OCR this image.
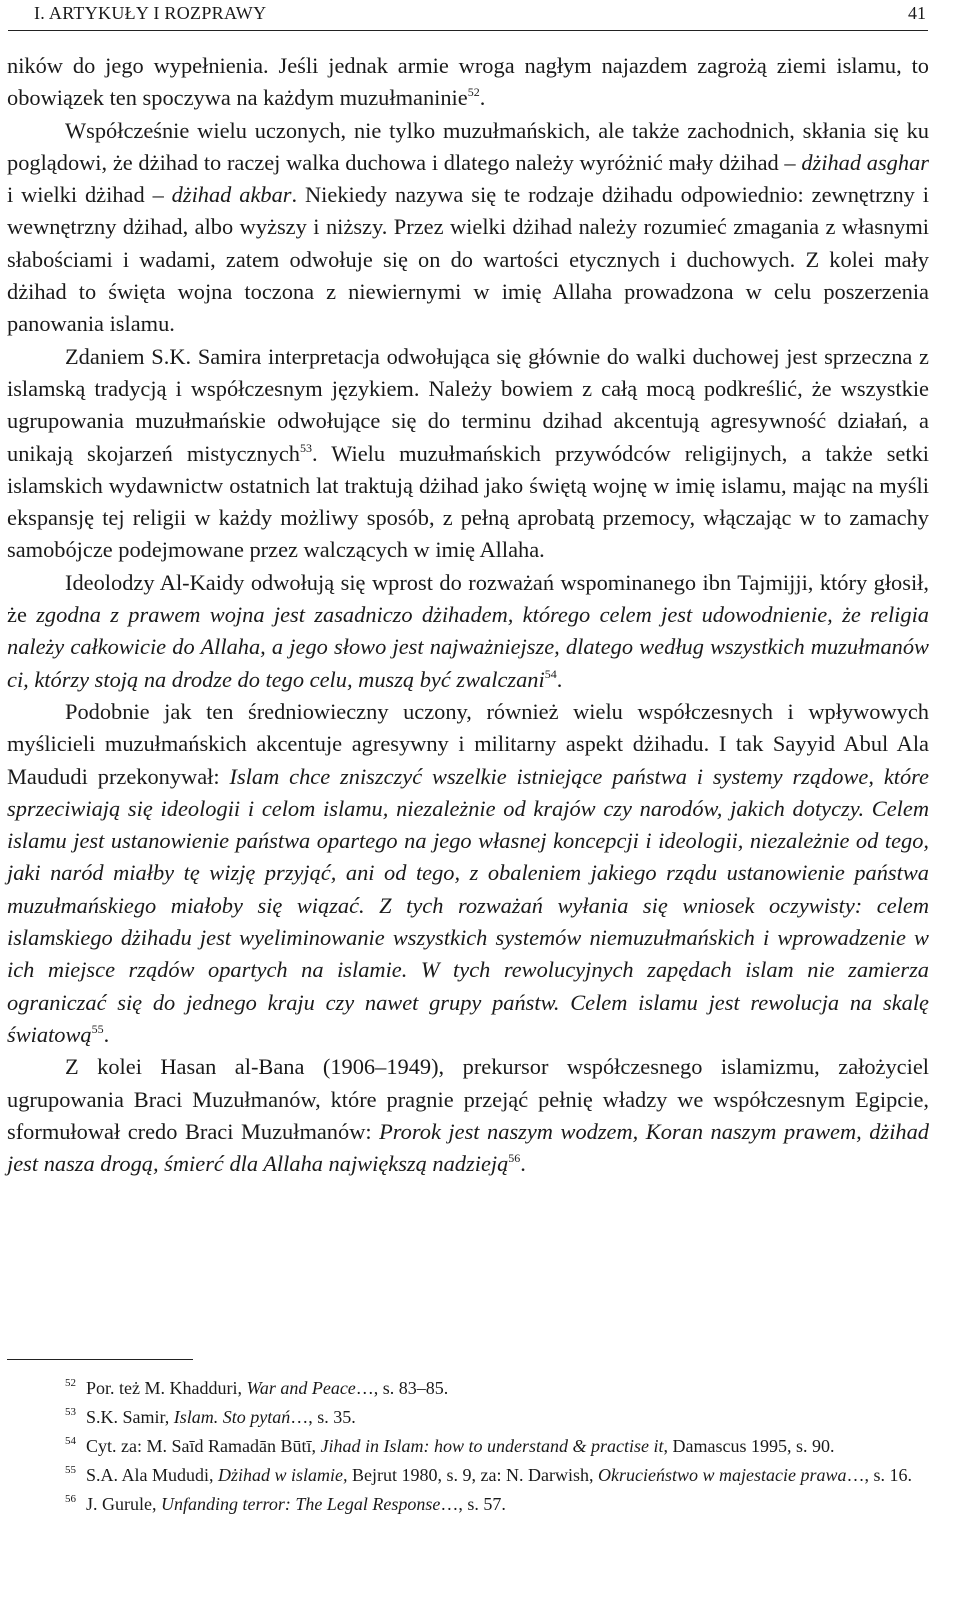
I. ARTYKUŁY I ROZPRAWY	41

ników do jego wypełnienia. Jeśli jednak armie wroga nagłym najazdem zagrożą ziemi islamu, to obowiązek ten spoczywa na każdym muzułmaninie$^{52}$.

Współcześnie wielu uczonych, nie tylko muzułmańskich, ale także zachodnich, skłania się ku poglądowi, że dżihad to raczej walka duchowa i dlatego należy wyróżnić mały dżihad – dżihad asghar i wielki dżihad – dżihad akbar. Niekiedy nazywa się te rodzaje dżihadu odpowiednio: zewnętrzny i wewnętrzny dżihad, albo wyższy i niższy. Przez wielki dżihad należy rozumieć zmagania z własnymi słabościami i wadami, zatem odwołuje się on do wartości etycznych i duchowych. Z kolei mały dżihad to święta wojna toczona z niewiernymi w imię Allaha prowadzona w celu poszerzenia panowania islamu.

Zdaniem S.K. Samira interpretacja odwołująca się głównie do walki duchowej jest sprzeczna z islamską tradycją i współczesnym językiem. Należy bowiem z całą mocą podkreślić, że wszystkie ugrupowania muzułmańskie odwołujące się do terminu dzihad akcentują agresywność działań, a unikają skojarzeń mistycznych$^{53}$. Wielu muzułmańskich przywódców religijnych, a także setki islamskich wydawnictw ostatnich lat traktują dżihad jako świętą wojnę w imię islamu, mając na myśli ekspansję tej religii w każdy możliwy sposób, z pełną aprobatą przemocy, włączając w to zamachy samobójcze podejmowane przez walczących w imię Allaha.

Ideolodzy Al-Kaidy odwołują się wprost do rozważań wspominanego ibn Tajmijji, który głosił, że zgodna z prawem wojna jest zasadniczo dżihadem, którego celem jest udowodnienie, że religia należy całkowicie do Allaha, a jego słowo jest najważniejsze, dlatego według wszystkich muzułmanów ci, którzy stoją na drodze do tego celu, muszą być zwalczani$^{54}$.

Podobnie jak ten średniowieczny uczony, również wielu współczesnych i wpływowych myślicieli muzułmańskich akcentuje agresywny i militarny aspekt dżihadu. I tak Sayyid Abul Ala Maududi przekonywał: Islam chce zniszczyć wszelkie istniejące państwa i systemy rządowe, które sprzeciwiają się ideologii i celom islamu, niezależnie od krajów czy narodów, jakich dotyczy. Celem islamu jest ustanowienie państwa opartego na jego własnej koncepcji i ideologii, niezależnie od tego, jaki naród miałby tę wizję przyjąć, ani od tego, z obaleniem jakiego rządu ustanowienie państwa muzułmańskiego miałoby się wiązać. Z tych rozważań wyłania się wniosek oczywisty: celem islamskiego dżihadu jest wyeliminowanie wszystkich systemów niemuzułmańskich i wprowadzenie w ich miejsce rządów opartych na islamie. W tych rewolucyjnych zapędach islam nie zamierza ograniczać się do jednego kraju czy nawet grupy państw. Celem islamu jest rewolucja na skalę światową$^{55}$.

Z kolei Hasan al-Bana (1906–1949), prekursor współczesnego islamizmu, założyciel ugrupowania Braci Muzułmanów, które pragnie przejąć pełnię władzy we współczesnym Egipcie, sformułował credo Braci Muzułmanów: Prorok jest naszym wodzem, Koran naszym prawem, dżihad jest nasza drogą, śmierć dla Allaha największą nadzieją$^{56}$.

$^{52}$ Por. też M. Khadduri, War and Peace…, s. 83–85.

$^{53}$ S.K. Samir, Islam. Sto pytań…, s. 35.

$^{54}$ Cyt. za: M. Saīd Ramadān Būtī, Jihad in Islam: how to understand & practise it, Damascus 1995, s. 90.

$^{55}$ S.A. Ala Mududi, Dżihad w islamie, Bejrut 1980, s. 9, za: N. Darwish, Okrucieństwo w majestacie prawa…, s. 16.

$^{56}$ J. Gurule, Unfanding terror: The Legal Response…, s. 57.
